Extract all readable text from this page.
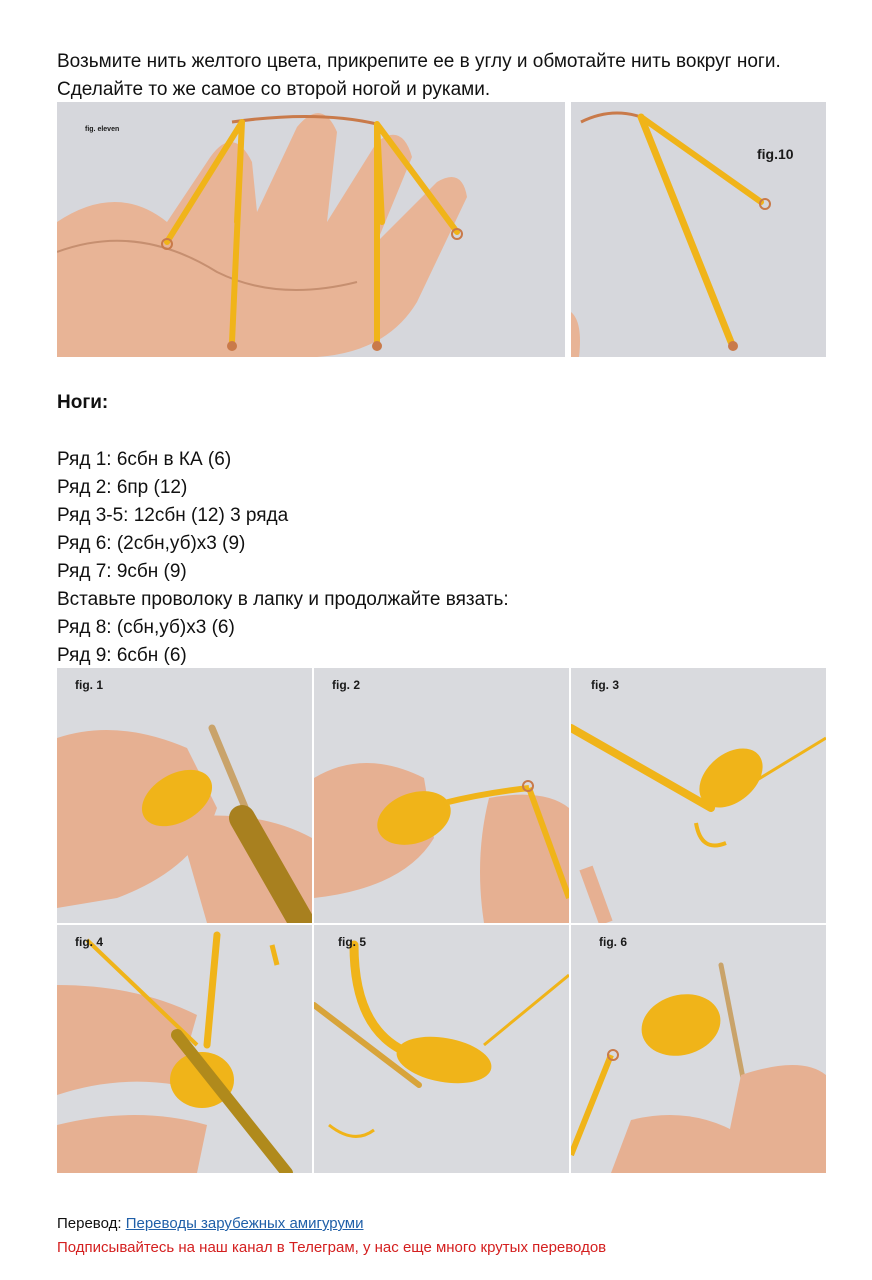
Возьмите нить желтого цвета, прикрепите ее в углу и обмотайте нить вокруг ноги. Сделайте то же самое со второй ногой и руками.

fig. eleven
fig.10
Ноги:
Ряд 1: 6сбн в КА (6)
Ряд 2: 6пр (12)
Ряд 3-5: 12сбн (12) 3 ряда
Ряд 6: (2сбн,уб)х3 (9)
Ряд 7: 9сбн (9)
Вставьте проволоку в лапку и продолжайте вязать:
Ряд 8: (сбн,уб)х3 (6)
Ряд 9: 6сбн (6)
fig. 1	fig. 2	fig. 3
fig. 4	fig. 5	fig. 6
Перевод: Переводы зарубежных амигуруми
Подписывайтесь на наш канал в Телеграм, у нас еще много крутых переводов
